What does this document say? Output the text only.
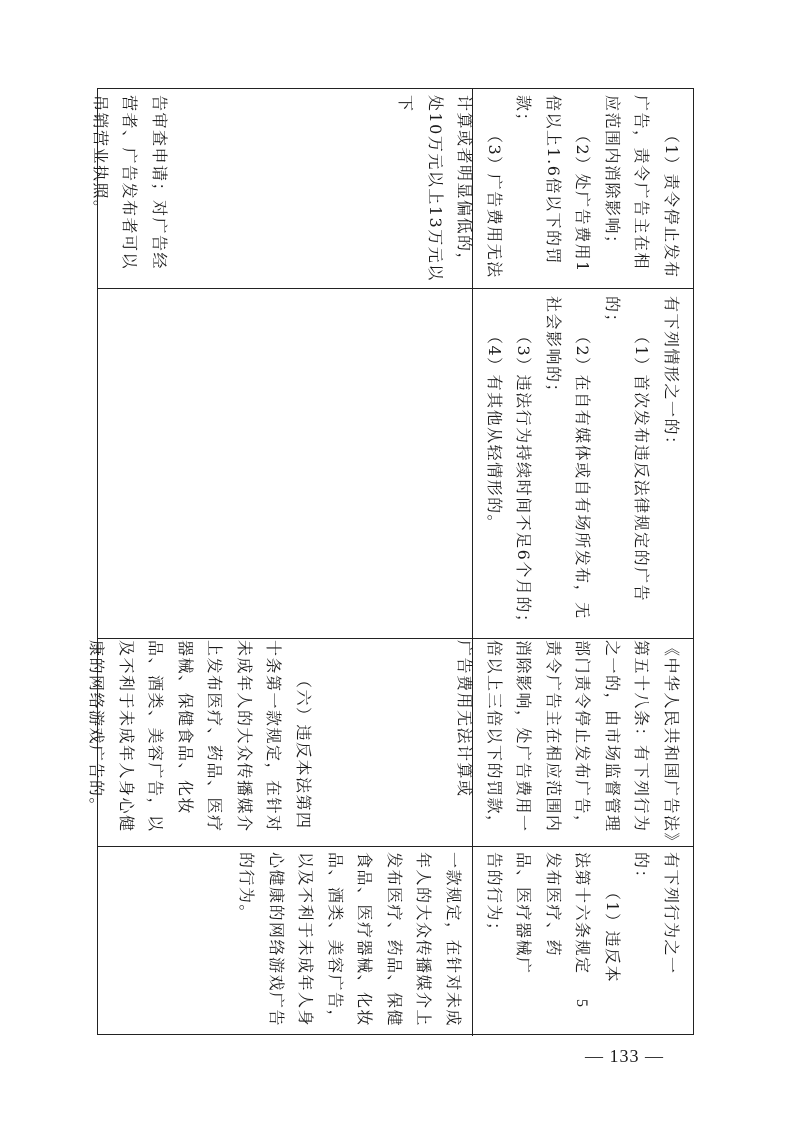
告审查申请；对广告经营者、广告发布者可以吊销营业执照。

（六）违反本法第四十条第一款规定，在针对未成年人的大众传播媒介上发布医疗、药品、医疗器械、保健食品、化妆品、酒类、美容广告，以及不利于未成年人身心健康的网络游戏广告的。

一款规定，在针对未成年人的大众传播媒介上发布医疗、药品、保健食品、医疗器械、化妆品、酒类、美容广告，以及不利于未成年人身心健康的网络游戏广告的行为。

（1）责令停止发布广告，责令广告主在相应范围内消除影响；

（2）处广告费用1倍以上1.6倍以下的罚款；

（3）广告费用无法计算或者明显偏低的，处10万元以上13万元以下

有下列情形之一的：

（1）首次发布违反法律规定的广告的；

（2）在自有媒体或自有场所发布，无社会影响的；

（3）违法行为持续时间不足6个月的；

（4）有其他从轻情形的。

《中华人民共和国广告法》第五十八条：有下列行为之一的，由市场监督管理部门责令停止发布广告，责令广告主在相应范围内消除影响，处广告费用一倍以上三倍以下的罚款，广告费用无法计算或

有下列行为之一的：

（1）违反本法第十六条规定发布医疗、药品、医疗器械广告的行为；

5
— 133 —
